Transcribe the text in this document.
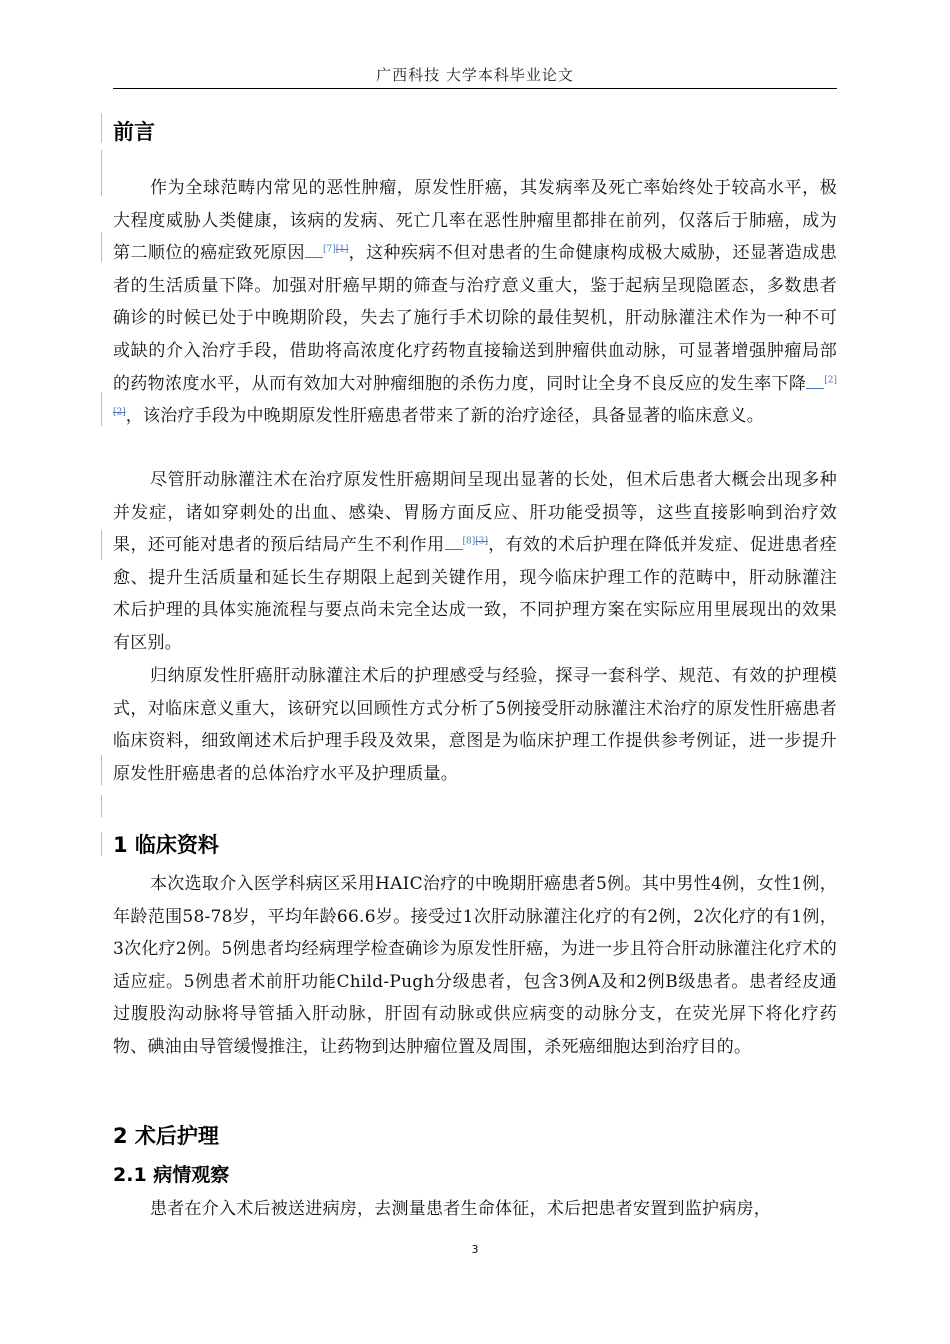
广西科技 大学本科毕业论文
前言
作为全球范畴内常见的恶性肿瘤，原发性肝癌，其发病率及死亡率始终处于较高水平，极大程度威胁人类健康，该病的发病、死亡几率在恶性肿瘤里都排在前列，仅落后于肺癌，成为第二顺位的癌症致死原因 [7][1]，这种疾病不但对患者的生命健康构成极大威胁，还显著造成患者的生活质量下降。加强对肝癌早期的筛查与治疗意义重大，鉴于起病呈现隐匿态，多数患者确诊的时候已处于中晚期阶段，失去了施行手术切除的最佳契机，肝动脉灌注术作为一种不可或缺的介入治疗手段，借助将高浓度化疗药物直接输送到肿瘤供血动脉，可显著增强肿瘤局部的药物浓度水平，从而有效加大对肿瘤细胞的杀伤力度，同时让全身不良反应的发生率下降 [2][2]，该治疗手段为中晚期原发性肝癌患者带来了新的治疗途径，具备显著的临床意义。
尽管肝动脉灌注术在治疗原发性肝癌期间呈现出显著的长处，但术后患者大概会出现多种并发症，诸如穿刺处的出血、感染、胃肠方面反应、肝功能受损等，这些直接影响到治疗效果，还可能对患者的预后结局产生不利作用 [8][3]，有效的术后护理在降低并发症、促进患者痊愈、提升生活质量和延长生存期限上起到关键作用，现今临床护理工作的范畴中，肝动脉灌注术后护理的具体实施流程与要点尚未完全达成一致，不同护理方案在实际应用里展现出的效果有区别。
归纳原发性肝癌肝动脉灌注术后的护理感受与经验，探寻一套科学、规范、有效的护理模式，对临床意义重大，该研究以回顾性方式分析了5例接受肝动脉灌注术治疗的原发性肝癌患者临床资料，细致阐述术后护理手段及效果，意图是为临床护理工作提供参考例证，进一步提升原发性肝癌患者的总体治疗水平及护理质量。
1 临床资料
本次选取介入医学科病区采用HAIC治疗的中晚期肝癌患者5例。其中男性4例，女性1例，年龄范围58-78岁，平均年龄66.6岁。接受过1次肝动脉灌注化疗的有2例，2次化疗的有1例，3次化疗2例。5例患者均经病理学检查确诊为原发性肝癌，为进一步且符合肝动脉灌注化疗术的适应症。5例患者术前肝功能Child-Pugh分级患者，包含3例A及和2例B级患者。患者经皮通过腹股沟动脉将导管插入肝动脉，肝固有动脉或供应病变的动脉分支，在荧光屏下将化疗药物、碘油由导管缓慢推注，让药物到达肿瘤位置及周围，杀死癌细胞达到治疗目的。
2 术后护理
2.1 病情观察
患者在介入术后被送进病房，去测量患者生命体征，术后把患者安置到监护病房，
3
